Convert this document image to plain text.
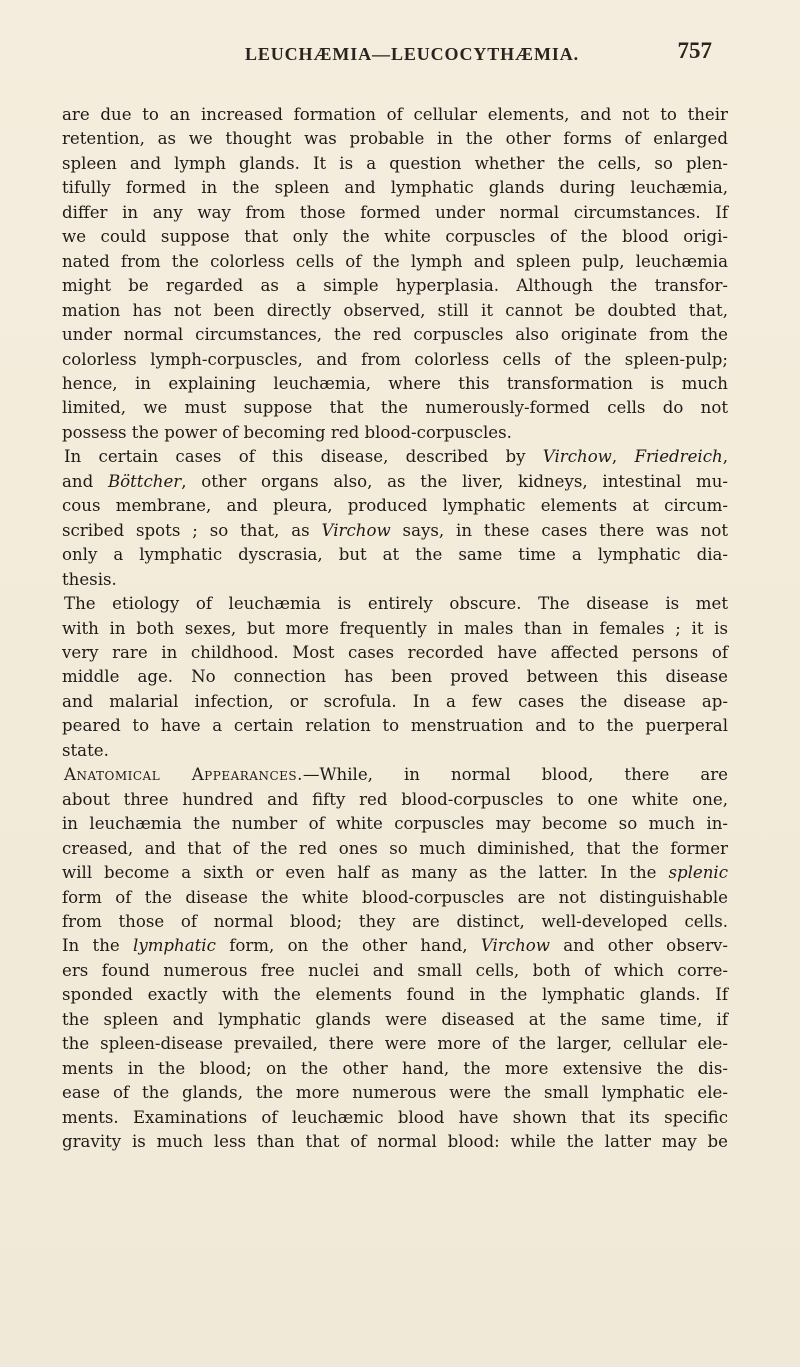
LEUCHÆMIA—LEUCOCYTHÆMIA.	757
are due to an increased formation of cellular elements, and not to their
retention, as we thought was probable in the other forms of enlarged
spleen and lymph glands. It is a question whether the cells, so plen-
tifully formed in the spleen and lymphatic glands during leuchæmia,
differ in any way from those formed under normal circumstances. If
we could suppose that only the white corpuscles of the blood origi-
nated from the colorless cells of the lymph and spleen pulp, leuchæmia
might be regarded as a simple hyperplasia. Although the transfor-
mation has not been directly observed, still it cannot be doubted that,
under normal circumstances, the red corpuscles also originate from the
colorless lymph-corpuscles, and from colorless cells of the spleen-pulp;
hence, in explaining leuchæmia, where this transformation is much
limited, we must suppose that the numerously-formed cells do not
possess the power of becoming red blood-corpuscles.
In certain cases of this disease, described by Virchow, Friedreich,
and Böttcher, other organs also, as the liver, kidneys, intestinal mu-
cous membrane, and pleura, produced lymphatic elements at circum-
scribed spots ; so that, as Virchow says, in these cases there was not
only a lymphatic dyscrasia, but at the same time a lymphatic dia-
thesis.
The etiology of leuchæmia is entirely obscure. The disease is met
with in both sexes, but more frequently in males than in females ; it is
very rare in childhood. Most cases recorded have affected persons of
middle age. No connection has been proved between this disease
and malarial infection, or scrofula. In a few cases the disease ap-
peared to have a certain relation to menstruation and to the puerperal
state.
Anatomical Appearances.—While, in normal blood, there are
about three hundred and fifty red blood-corpuscles to one white one,
in leuchæmia the number of white corpuscles may become so much in-
creased, and that of the red ones so much diminished, that the former
will become a sixth or even half as many as the latter. In the splenic
form of the disease the white blood-corpuscles are not distinguishable
from those of normal blood; they are distinct, well-developed cells.
In the lymphatic form, on the other hand, Virchow and other observ-
ers found numerous free nuclei and small cells, both of which corre-
sponded exactly with the elements found in the lymphatic glands. If
the spleen and lymphatic glands were diseased at the same time, if
the spleen-disease prevailed, there were more of the larger, cellular ele-
ments in the blood; on the other hand, the more extensive the dis-
ease of the glands, the more numerous were the small lymphatic ele-
ments. Examinations of leuchæmic blood have shown that its specific
gravity is much less than that of normal blood: while the latter may be
